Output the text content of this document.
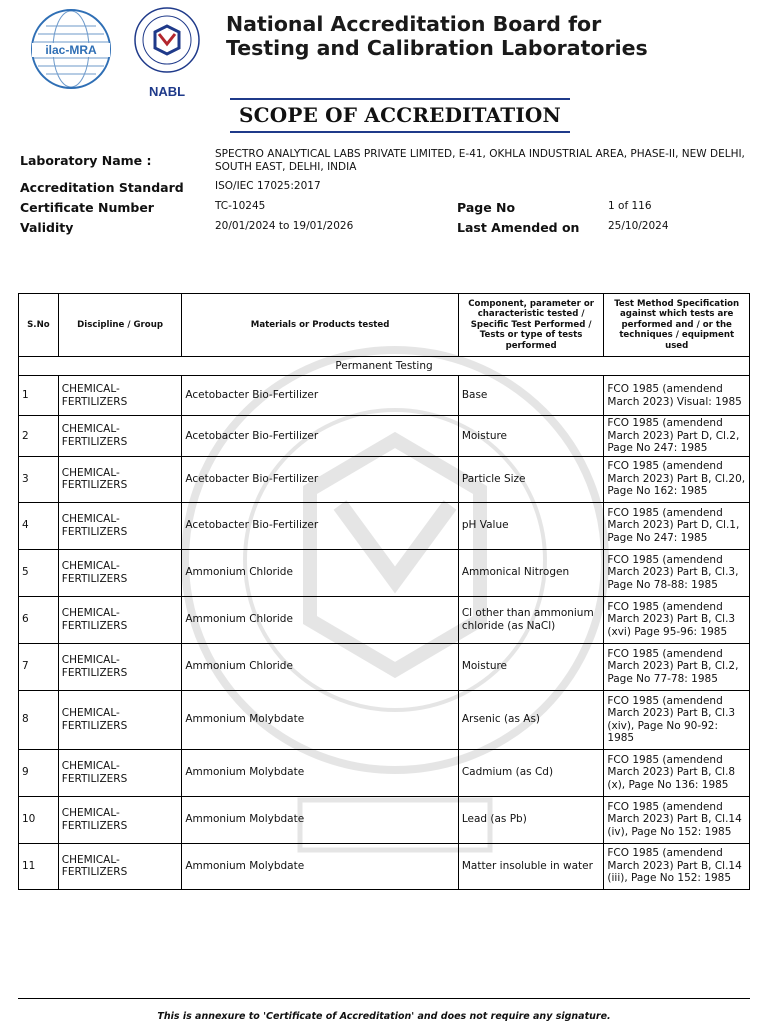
ilac-MRA
NABL
National Accreditation Board for
Testing and Calibration Laboratories
SCOPE OF ACCREDITATION
Laboratory Name :	SPECTRO ANALYTICAL LABS PRIVATE LIMITED, E-41, OKHLA INDUSTRIAL AREA, PHASE-II, NEW DELHI, SOUTH EAST, DELHI, INDIA
Accreditation Standard	ISO/IEC 17025:2017
Certificate Number	TC-10245	Page No	1 of 116
Validity	20/01/2024 to 19/01/2026	Last Amended on	25/10/2024
S.No	Discipline / Group	Materials or Products tested	Component, parameter or characteristic tested / Specific Test Performed / Tests or type of tests performed	Test Method Specification against which tests are performed and / or the techniques / equipment used
Permanent Testing				
1	CHEMICAL- FERTILIZERS	Acetobacter Bio-Fertilizer	Base	FCO 1985 (amendend March 2023) Visual: 1985
2	CHEMICAL- FERTILIZERS	Acetobacter Bio-Fertilizer	Moisture	FCO 1985 (amendend March 2023) Part D, Cl.2, Page No 247: 1985
3	CHEMICAL- FERTILIZERS	Acetobacter Bio-Fertilizer	Particle Size	FCO 1985 (amendend March 2023) Part B, Cl.20, Page No 162: 1985
4	CHEMICAL- FERTILIZERS	Acetobacter Bio-Fertilizer	pH Value	FCO 1985 (amendend March 2023) Part D, Cl.1, Page No 247: 1985
5	CHEMICAL- FERTILIZERS	Ammonium Chloride	Ammonical Nitrogen	FCO 1985 (amendend March 2023) Part B, Cl.3, Page No 78-88: 1985
6	CHEMICAL- FERTILIZERS	Ammonium Chloride	Cl other than ammonium chloride (as NaCl)	FCO 1985 (amendend March 2023) Part B, Cl.3 (xvi) Page 95-96: 1985
7	CHEMICAL- FERTILIZERS	Ammonium Chloride	Moisture	FCO 1985 (amendend March 2023) Part B, Cl.2, Page No 77-78: 1985
8	CHEMICAL- FERTILIZERS	Ammonium Molybdate	Arsenic (as As)	FCO 1985 (amendend March 2023) Part B, Cl.3 (xiv), Page No 90-92: 1985
9	CHEMICAL- FERTILIZERS	Ammonium Molybdate	Cadmium (as Cd)	FCO 1985 (amendend March 2023) Part B, Cl.8 (x), Page No 136: 1985
10	CHEMICAL- FERTILIZERS	Ammonium Molybdate	Lead (as Pb)	FCO 1985 (amendend March 2023) Part B, Cl.14 (iv), Page No 152: 1985
11	CHEMICAL- FERTILIZERS	Ammonium Molybdate	Matter insoluble in water	FCO 1985 (amendend March 2023) Part B, Cl.14 (iii), Page No 152: 1985
This is annexure to 'Certificate of Accreditation' and does not require any signature.
